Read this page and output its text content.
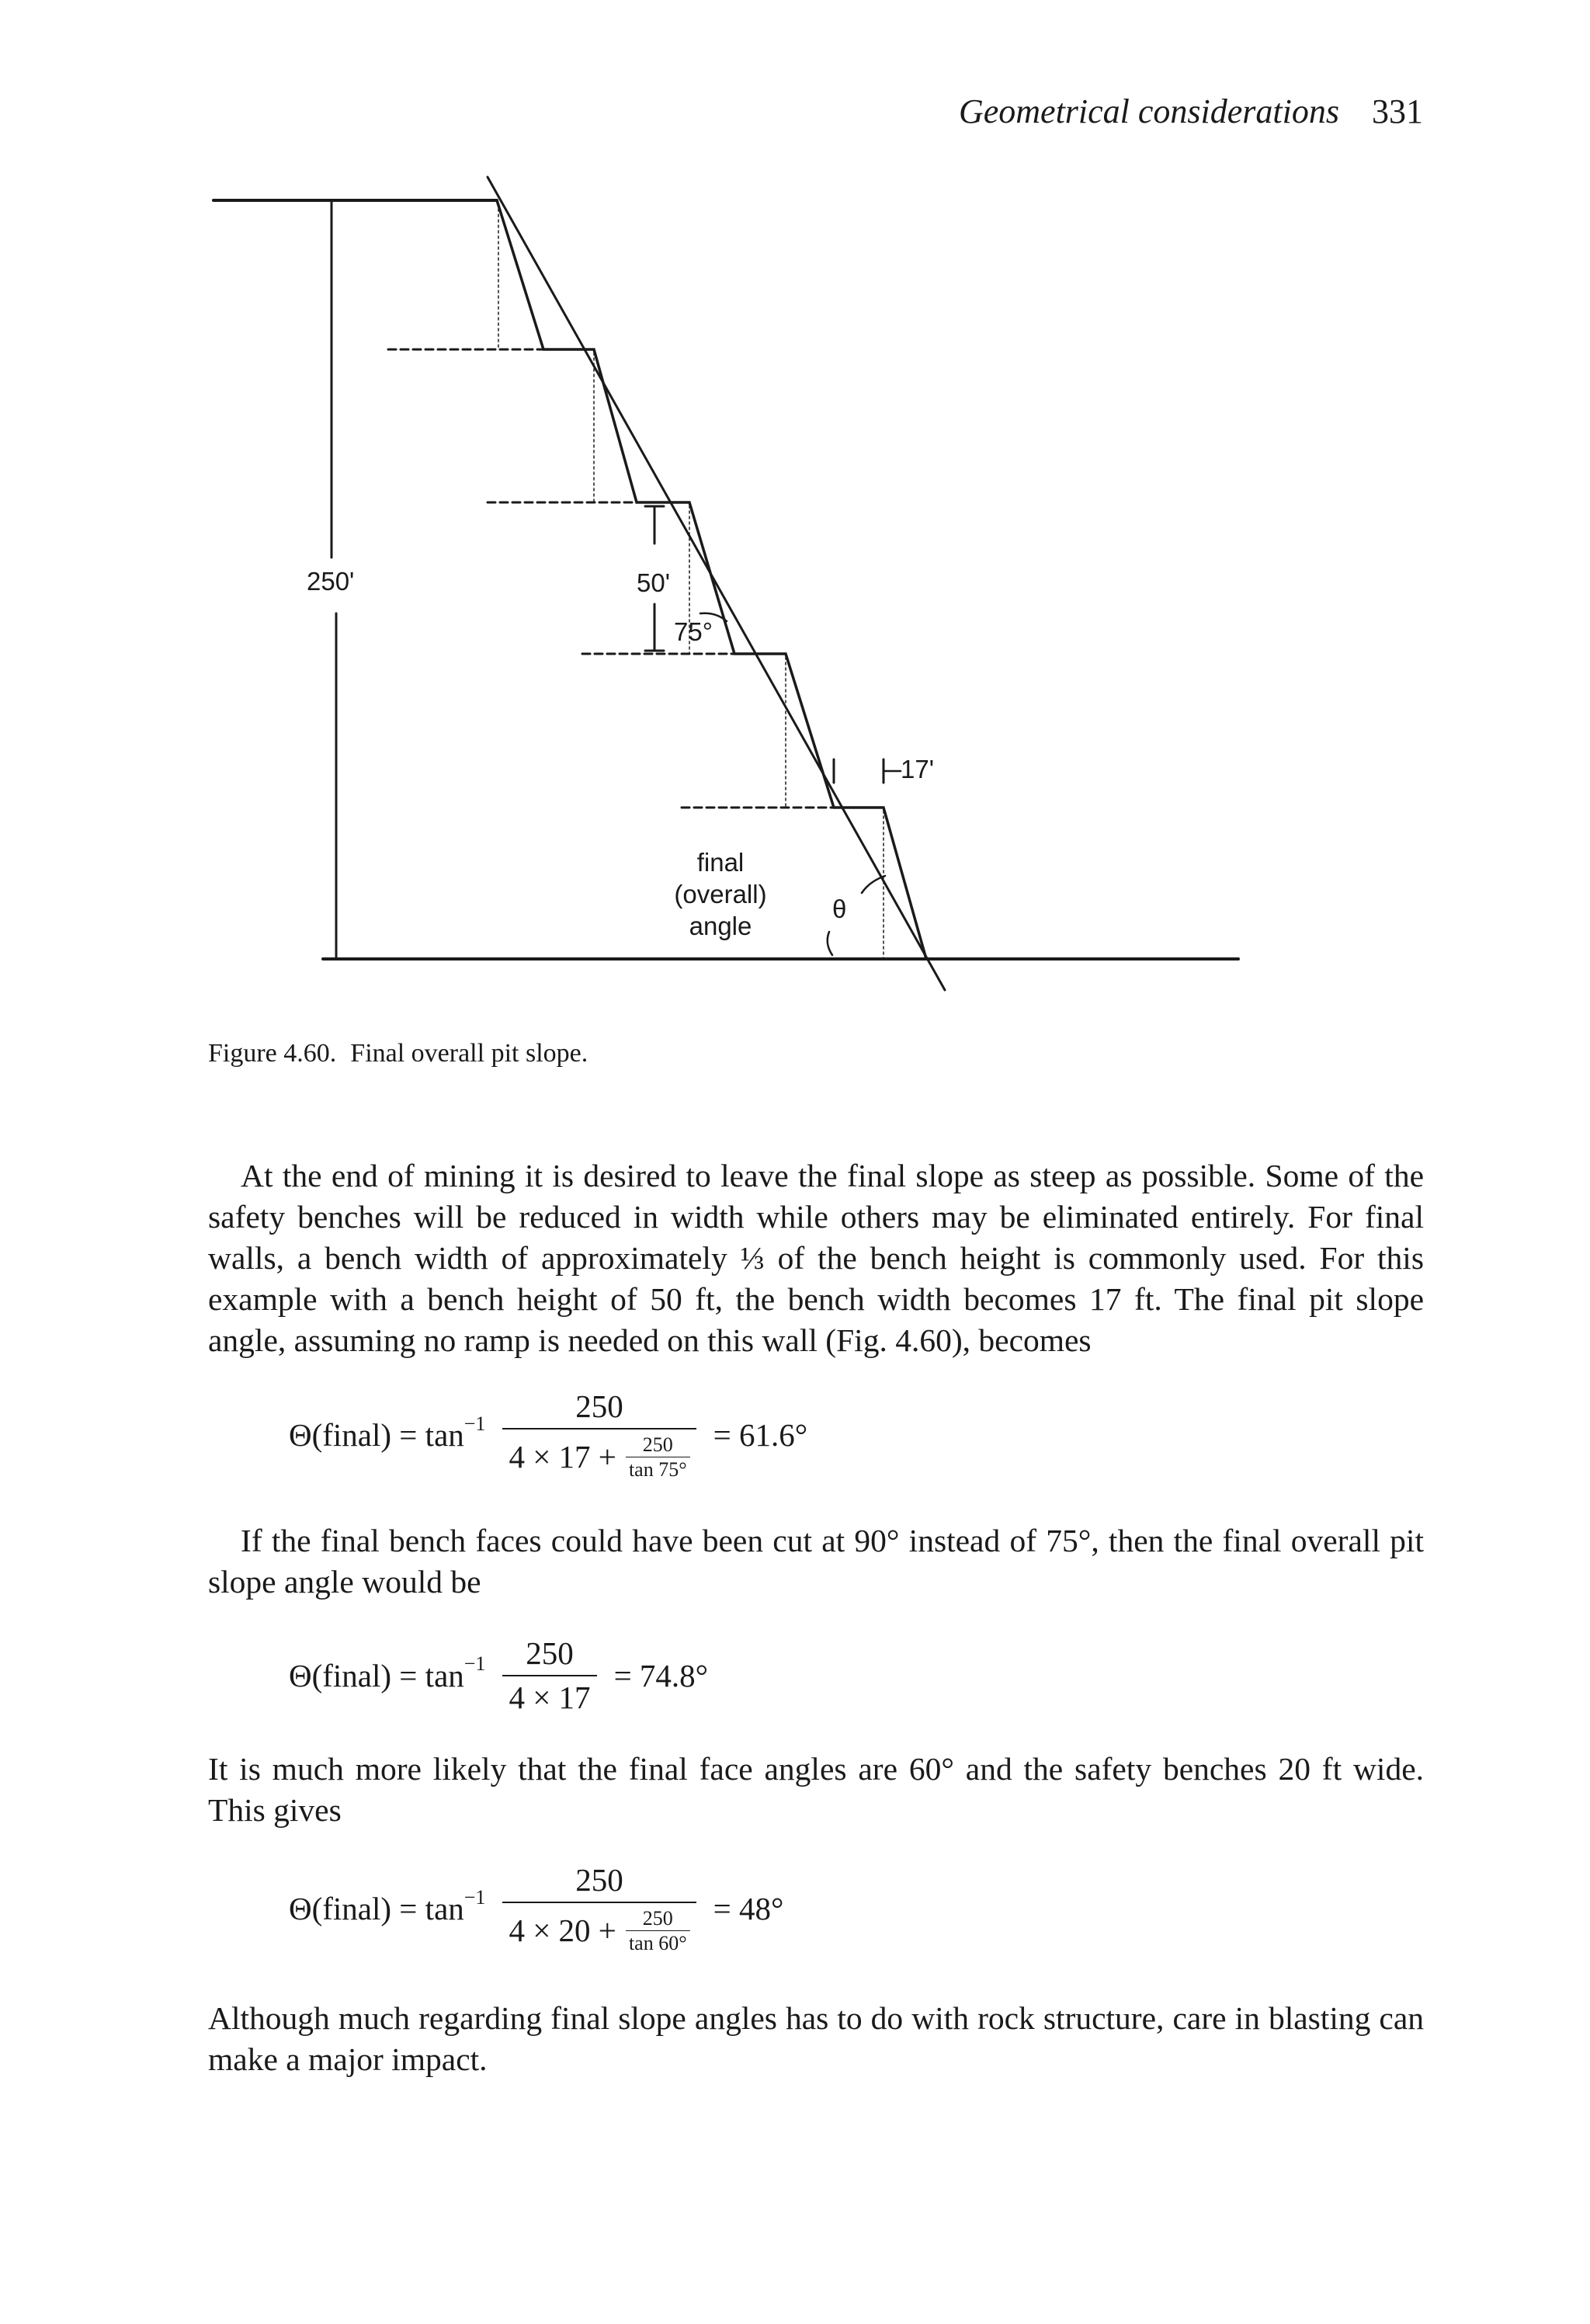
Geometrical considerations 331
250'	50'
75°
17'
final
(overall)
angle
θ
Figure 4.60. Final overall pit slope.

At the end of mining it is desired to leave the final slope as steep as possible. Some of the safety benches will be reduced in width while others may be eliminated entirely. For final walls, a bench width of approximately ⅓ of the bench height is commonly used. For this example with a bench height of 50 ft, the bench width becomes 17 ft. The final pit slope angle, assuming no ramp is needed on this wall (Fig. 4.60), becomes

Θ(final) = $\tan^{-1} \frac{250}{4 \times 17 + \frac{250}{\tan 75^\circ}} = 61.6^\circ$

If the final bench faces could have been cut at 90° instead of 75°, then the final overall pit slope angle would be

Θ(final) = $\tan^{-1} \frac{250}{4 \times 17} = 74.8^\circ$

It is much more likely that the final face angles are 60° and the safety benches 20 ft wide. This gives

Θ(final) = $\tan^{-1} \frac{250}{4 \times 20 + \frac{250}{\tan 60^\circ}} = 48^\circ$

Although much regarding final slope angles has to do with rock structure, care in blasting can make a major impact.
